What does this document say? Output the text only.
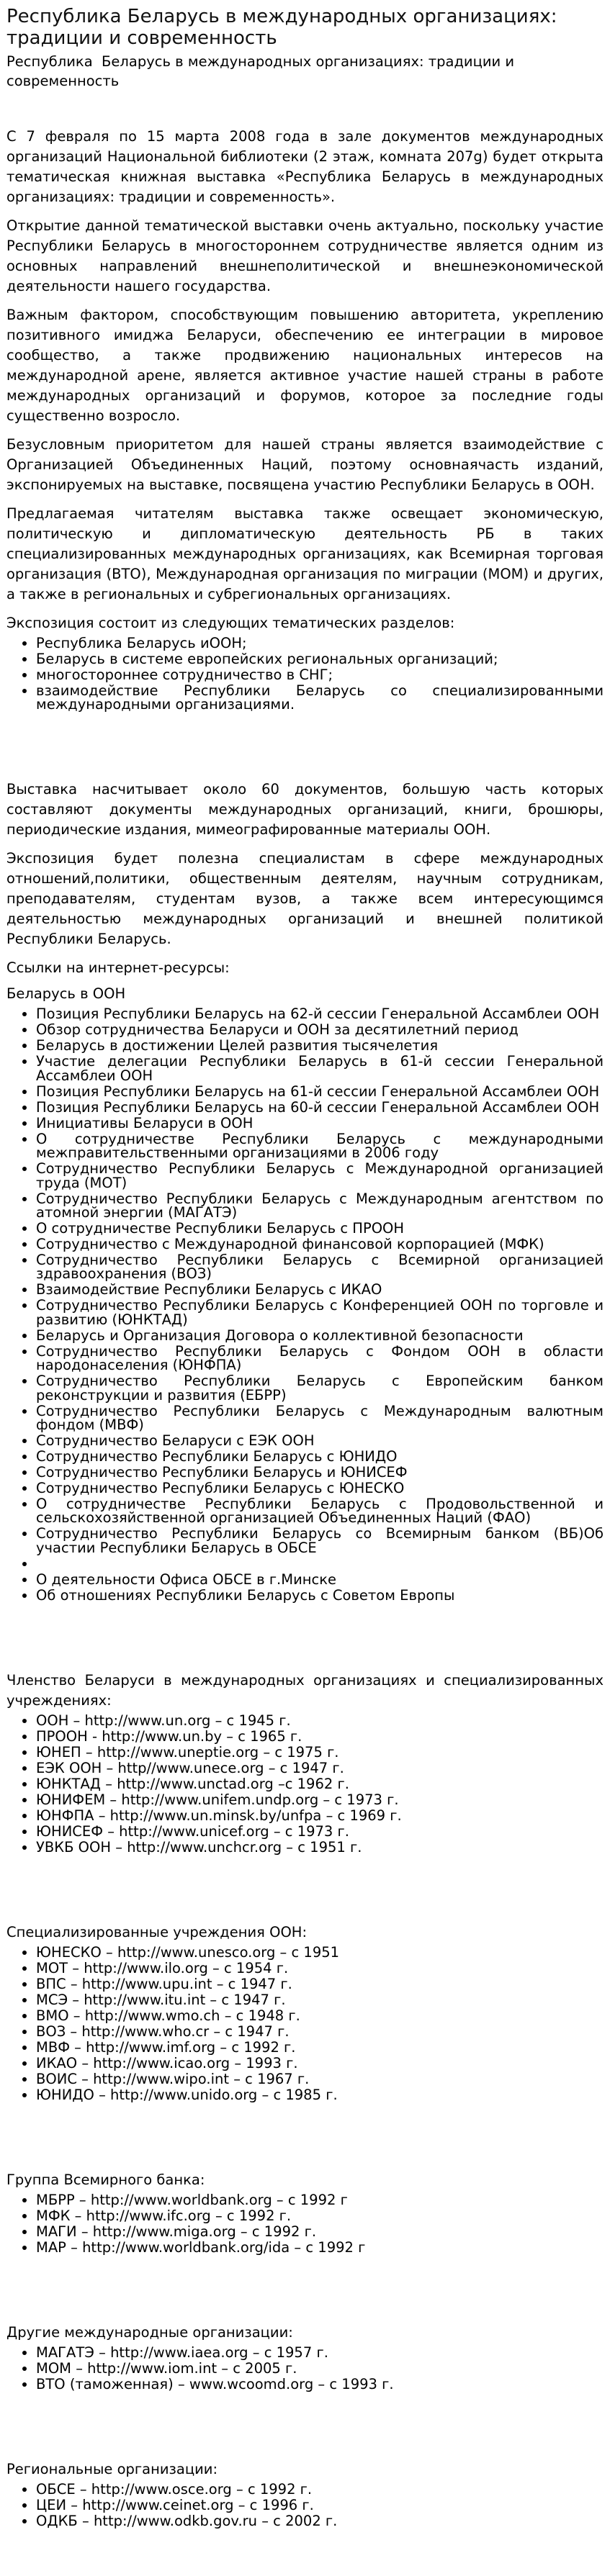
Республика Беларусь в международных организациях: традиции и современность

Республика  Беларусь в международных организациях: традиции и современность

С 7 февраля по 15 марта 2008 года в зале документов международных организаций Национальной библиотеки (2 этаж, комната 207g) будет открыта тематическая книжная выставка «Республика Беларусь в международных организациях: традиции и современность».

Открытие данной тематической выставки очень актуально, поскольку участие Республики Беларусь в многостороннем сотрудничестве является одним из основных направлений внешнеполитической и внешнеэкономической деятельности нашего государства.

Важным фактором, способствующим повышению авторитета, укреплению позитивного имиджа Беларуси, обеспечению ее интеграции в мировое сообщество, а также продвижению национальных интересов на международной арене, является активное участие нашей страны в работе международных организаций и форумов, которое за последние годы существенно возросло.

Безусловным приоритетом для нашей страны является взаимодействие с Организацией Объединенных Наций, поэтому основнаячасть изданий, экспонируемых на выставке, посвящена участию Республики Беларусь в ООН.

Предлагаемая читателям выставка также освещает экономическую, политическую и дипломатическую деятельность РБ в таких специализированных международных организациях, как Всемирная торговая организация (ВТО), Международная организация по миграции (МОМ) и других, а также в региональных и субрегиональных организациях.

Экспозиция состоит из следующих тематических разделов:

• Республика Беларусь иООН;
• Беларусь в системе европейских региональных организаций;
• многостороннее сотрудничество в СНГ;
• взаимодействие Республики Беларусь со специализированными международными организациями.

Выставка насчитывает около 60 документов, большую часть которых составляют документы международных организаций, книги, брошюры, периодические издания, мимеографированные материалы ООН.

Экспозиция будет полезна специалистам в сфере международных отношений,политики, общественным деятелям, научным сотрудникам, преподавателям, студентам вузов, а также всем интересующимся деятельностью международных организаций и внешней политикой Республики Беларусь.

Ссылки на интернет-ресурсы:

Беларусь в ООН

• Позиция Республики Беларусь на 62-й сессии Генеральной Ассамблеи ООН
• Обзор сотрудничества Беларуси и ООН за десятилетний период
• Беларусь в достижении Целей развития тысячелетия
• Участие делегации Республики Беларусь в 61-й сессии Генеральной Ассамблеи ООН
• Позиция Республики Беларусь на 61-й сессии Генеральной Ассамблеи ООН
• Позиция Республики Беларусь на 60-й сессии Генеральной Ассамблеи ООН
• Инициативы Беларуси в ООН
• О сотрудничестве Республики Беларусь с международными межправительственными организациями в 2006 году
• Сотрудничество Республики Беларусь с Международной организацией труда (МОТ)
• Сотрудничество Республики Беларусь с Международным агентством по атомной энергии (МАГАТЭ)
• О сотрудничестве Республики Беларусь с ПРООН
• Сотрудничество с Международной финансовой корпорацией (МФК)
• Сотрудничество Республики Беларусь с Всемирной организацией здравоохранения (ВОЗ)
• Взаимодействие Республики Беларусь с ИКАО
• Сотрудничество Республики Беларусь с Конференцией ООН по торговле и развитию (ЮНКТАД)
• Беларусь и Организация Договора о коллективной безопасности
• Сотрудничество Республики Беларусь с Фондом ООН в области народонаселения (ЮНФПА)
• Сотрудничество Республики Беларусь с Европейским банком реконструкции и развития (ЕБРР)
• Сотрудничество Республики Беларусь с Международным валютным фондом (МВФ)
• Сотрудничество Беларуси с ЕЭК ООН
• Сотрудничество Республики Беларусь с ЮНИДО
• Сотрудничество Республики Беларусь и ЮНИСЕФ
• Сотрудничество Республики Беларусь с ЮНЕСКО
• О сотрудничестве Республики Беларусь с Продовольственной и сельскохозяйственной организацией Объединенных Наций (ФАО)
• Сотрудничество Республики Беларусь со Всемирным банком (ВБ)Об участии Республики Беларусь в ОБСЕ
•
• О деятельности Офиса ОБСЕ в г.Минске
• Об отношениях Республики Беларусь с Советом Европы

Членство Беларуси в международных организациях и специализированных учреждениях:

• ООН – http://www.un.org – с 1945 г.
• ПРООН - http://www.un.by – с 1965 г.
• ЮНЕП – http://www.uneptie.org – с 1975 г.
• ЕЭК ООН – http//www.unece.org – с 1947 г.
• ЮНКТАД – http://www.unctad.org –с 1962 г.
• ЮНИФЕМ – http://www.unifem.undp.org – с 1973 г.
• ЮНФПА – http://www.un.minsk.by/unfpa – с 1969 г.
• ЮНИСЕФ – http://www.unicef.org – с 1973 г.
• УВКБ ООН – http://www.unchcr.org – с 1951 г.

Специализированные учреждения ООН:

• ЮНЕСКО – http://www.unesco.org – с 1951
• МОТ – http://www.ilo.org – с 1954 г.
• ВПС – http://www.upu.int – с 1947 г.
• МСЭ – http://www.itu.int – с 1947 г.
• ВМО – http://www.wmo.ch – с 1948 г.
• ВОЗ – http://www.who.cr – с 1947 г.
• МВФ – http://www.imf.org – с 1992 г.
• ИКАО – http://www.icao.org – 1993 г.
• ВОИС – http://www.wipo.int – с 1967 г.
• ЮНИДО – http://www.unido.org – с 1985 г.

Группа Всемирного банка:

• МБРР – http://www.worldbank.org – с 1992 г
• МФК – http://www.ifc.org – с 1992 г.
• МАГИ – http://www.miga.org – с 1992 г.
• МАР – http://www.worldbank.org/ida – с 1992 г

Другие международные организации:

• МАГАТЭ – http://www.iaea.org – с 1957 г.
• МОМ – http://www.iom.int – с 2005 г.
• ВТО (таможенная) – www.wcoomd.org – с 1993 г.

Региональные организации:

• ОБСЕ – http://www.osce.org – с 1992 г.
• ЦЕИ – http://www.ceinet.org – с 1996 г.
• ОДКБ – http://www.odkb.gov.ru – с 2002 г.
